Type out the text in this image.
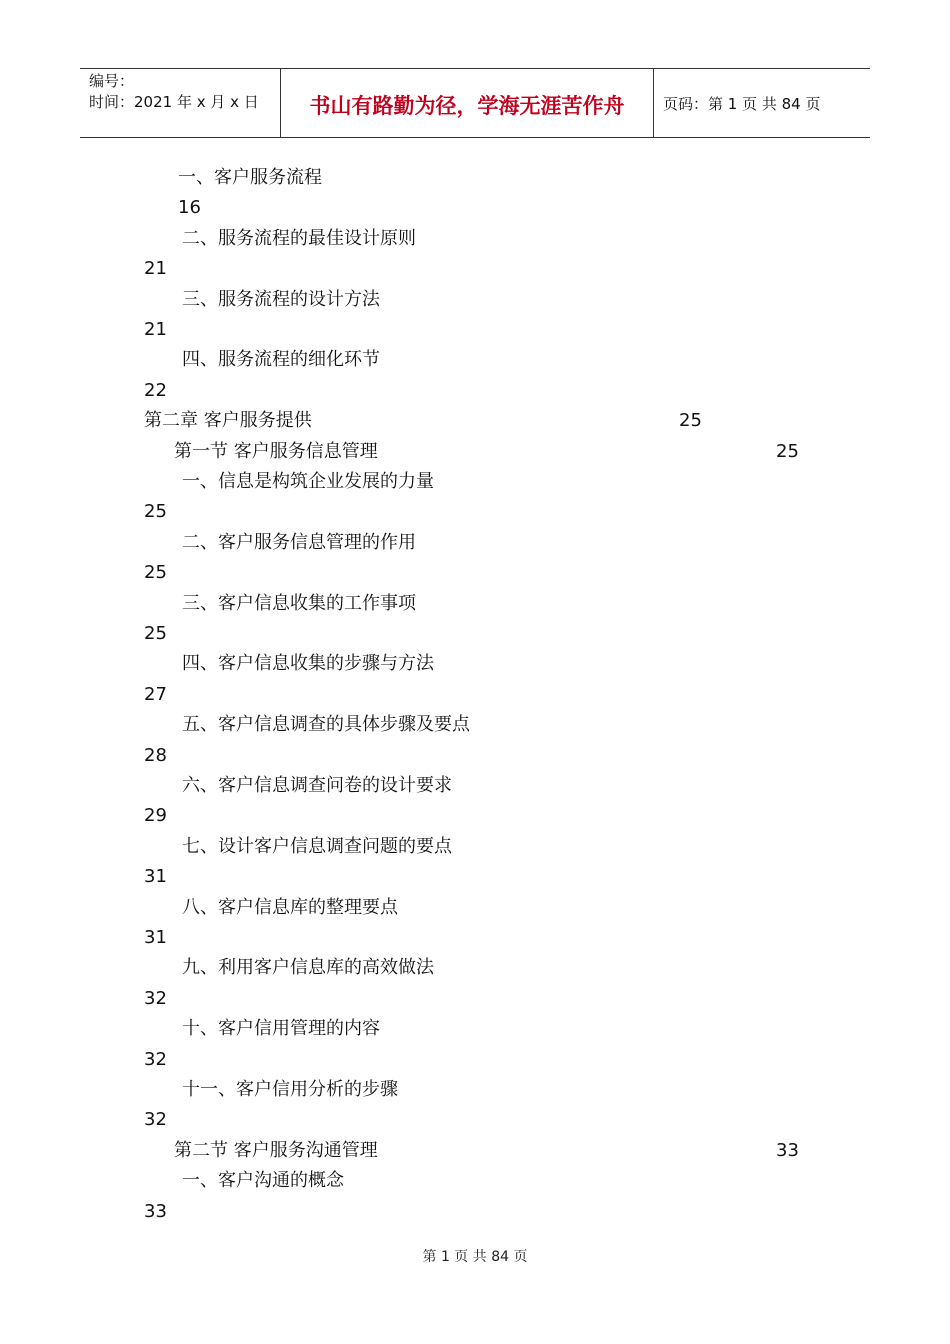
编号：
时间：2021 年 x 月 x 日	书山有路勤为径，学海无涯苦作舟	页码：第 1 页 共 84 页
一、客户服务流程
16
二、服务流程的最佳设计原则
21
三、服务流程的设计方法
21
四、服务流程的细化环节
22
第二章 客户服务提供	25
第一节 客户服务信息管理	25
一、信息是构筑企业发展的力量
25
二、客户服务信息管理的作用
25
三、客户信息收集的工作事项
25
四、客户信息收集的步骤与方法
27
五、客户信息调查的具体步骤及要点
28
六、客户信息调查问卷的设计要求
29
七、设计客户信息调查问题的要点
31
八、客户信息库的整理要点
31
九、利用客户信息库的高效做法
32
十、客户信用管理的内容
32
十一、客户信用分析的步骤
32
第二节 客户服务沟通管理	33
一、客户沟通的概念
33
第 1 页 共 84 页
